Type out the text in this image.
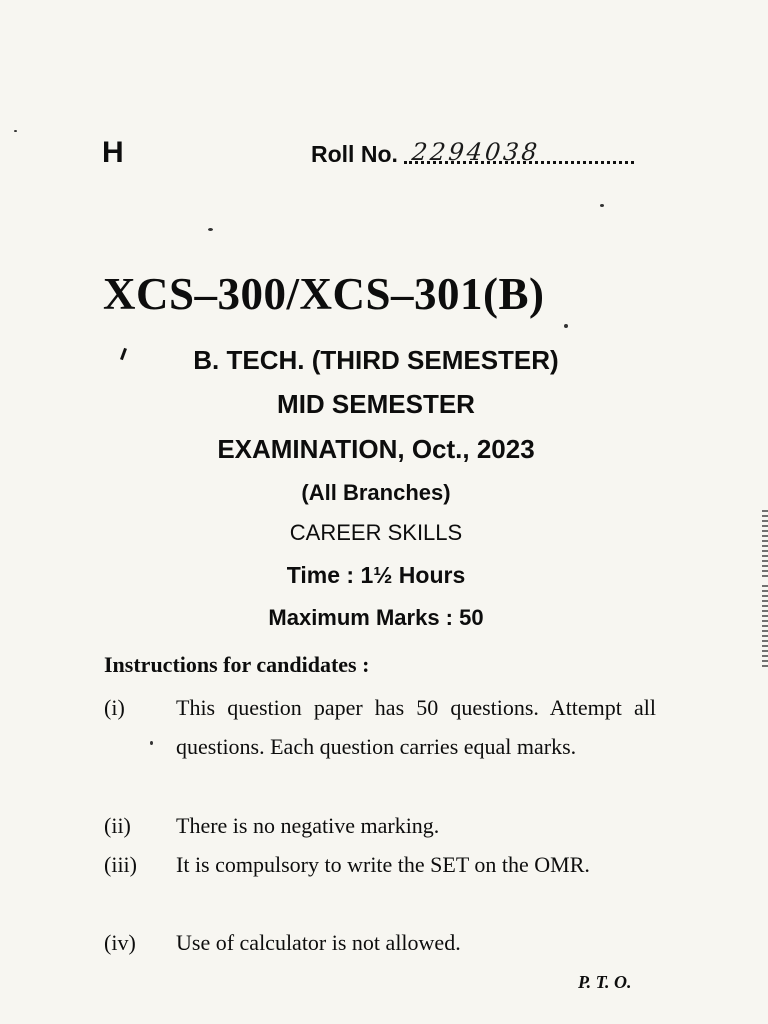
H	Roll No. 2294038
XCS–300/XCS–301(B)
B. TECH. (THIRD SEMESTER)
MID SEMESTER
EXAMINATION, Oct., 2023
(All Branches)
CAREER SKILLS
Time : 1½ Hours
Maximum Marks : 50
Instructions for candidates :
(i)	This question paper has 50 questions. Attempt all questions. Each question carries equal marks.
(ii)	There is no negative marking.
(iii)	It is compulsory to write the SET on the OMR.
(iv)	Use of calculator is not allowed.
P. T. O.
